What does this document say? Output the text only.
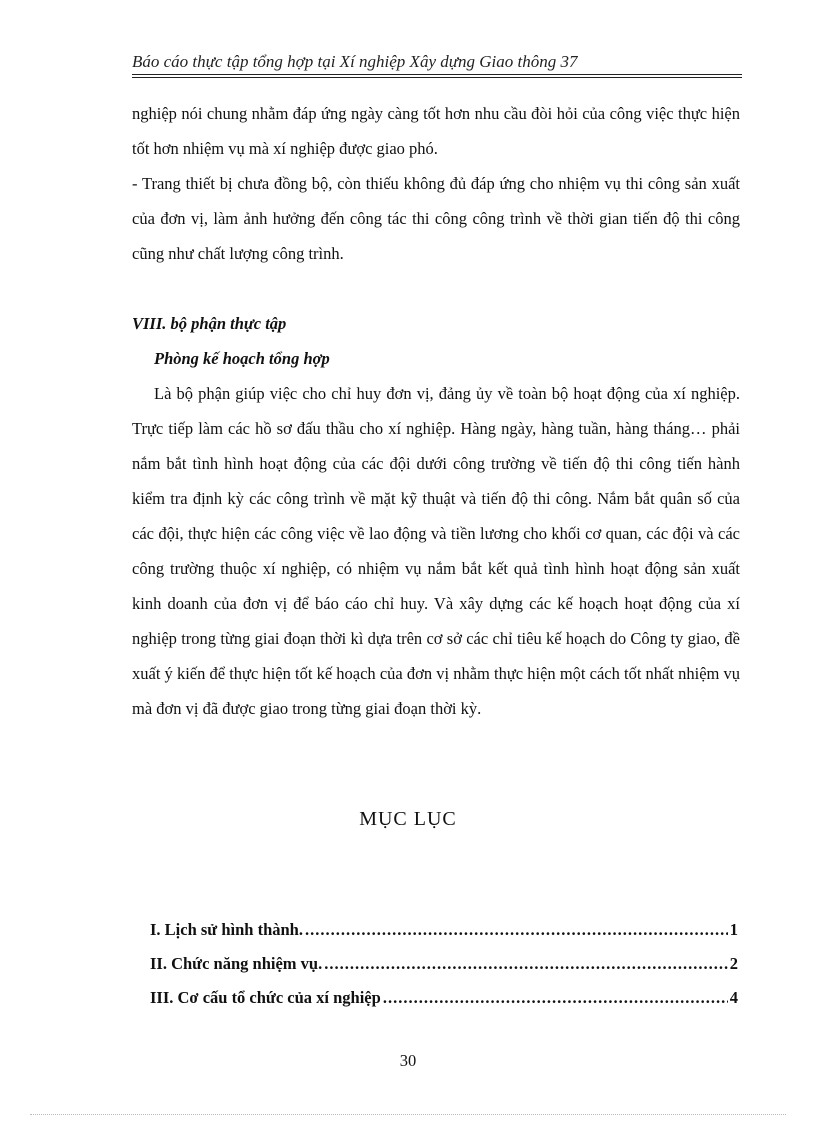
Báo cáo thực tập tổng hợp tại Xí nghiệp Xây dựng Giao thông 37

nghiệp nói chung nhằm đáp ứng ngày càng tốt hơn nhu cầu đòi hỏi của công việc thực hiện tốt hơn nhiệm vụ mà xí nghiệp được giao phó.

- Trang thiết bị chưa đồng bộ, còn thiếu không đủ đáp ứng cho nhiệm vụ thi công sản xuất của đơn vị, làm ảnh hưởng đến công tác thi công công trình về thời gian tiến độ thi công cũng như chất lượng công trình.

VIII. bộ phận thực tập

Phòng kế hoạch tổng hợp

Là bộ phận giúp việc cho chỉ huy đơn vị, đảng ủy về toàn bộ hoạt động của xí nghiệp. Trực tiếp làm các hồ sơ đấu thầu cho xí nghiệp. Hàng ngày, hàng tuần, hàng tháng… phải nắm bắt tình hình hoạt động của các đội dưới công trường về tiến độ thi công tiến hành kiểm tra định kỳ các công trình về mặt kỹ thuật và tiến độ thi công. Nắm bắt quân số của các đội, thực hiện các công việc về lao động và tiền lương cho khối cơ quan, các đội và các công trường thuộc xí nghiệp, có nhiệm vụ nắm bắt kết quả tình hình hoạt động sản xuất kinh doanh của đơn vị để báo cáo chỉ huy. Và xây dựng các kế hoạch hoạt động của xí nghiệp trong từng giai đoạn thời kì dựa trên cơ sở các chỉ tiêu kế hoạch do Công ty giao, đề xuất ý kiến để thực hiện tốt kế hoạch của đơn vị nhằm thực hiện một cách tốt nhất nhiệm vụ mà đơn vị đã được giao trong từng giai đoạn thời kỳ.

MỤC LỤC
I. Lịch sử hình thành. .....	1
II. Chức năng nhiệm vụ. .....	2
III. Cơ cấu tổ chức của xí nghiệp .....	4
30
